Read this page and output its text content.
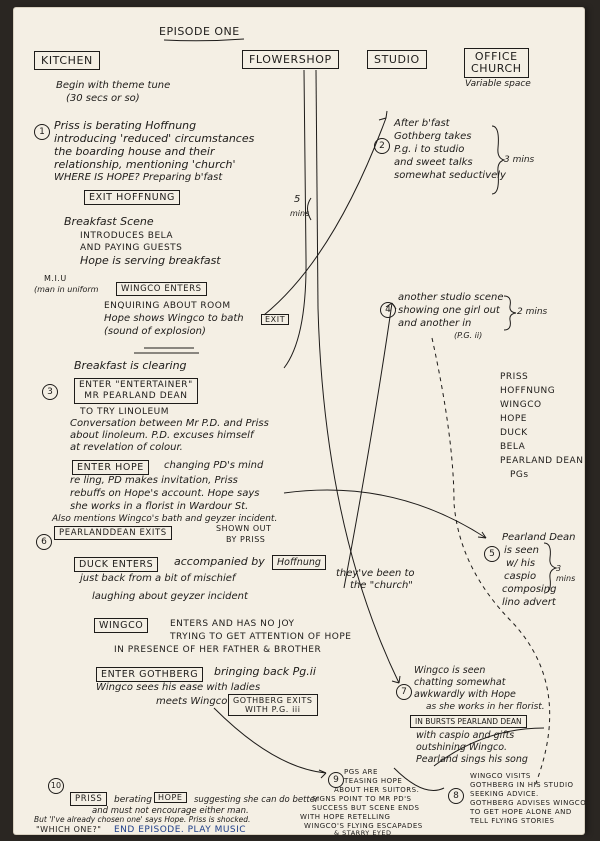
EPISODE ONE
KITCHEN	FLOWERSHOP	STUDIO	OFFICE
CHURCH
Variable space
Begin with theme tune
(30 secs or so)
1 Priss is berating Hoffnung
introducing 'reduced' circumstances
the boarding house and their
relationship, mentioning 'church'
WHERE IS HOPE? Preparing b'fast
EXIT HOFFNUNG
Breakfast Scene
INTRODUCES BELA
AND PAYING GUESTS
Hope is serving breakfast
M.I.U
(man in uniform	WINGCO ENTERS
ENQUIRING ABOUT ROOM
Hope shows Wingco to bath
(sound of explosion)
EXIT
Breakfast is clearing
3
ENTER "ENTERTAINER"
MR PEARLAND DEAN
TO TRY LINOLEUM
Conversation between Mr P.D. and Priss
about linoleum. P.D. excuses himself
at revelation of colour.
ENTER HOPE	changing PD's mind
re ling, PD makes invitation, Priss
rebuffs on Hope's account. Hope says
she works in a florist in Wardour St.
Also mentions Wingco's bath and geyzer incident.
PEARLANDDEAN EXITS	SHOWN OUT
BY PRISS
6
DUCK ENTERS	accompanied by	Hoffnung
just back from a bit of mischief
laughing about geyzer incident
they've been to
the "church"
WINGCO	ENTERS AND HAS NO JOY
TRYING TO GET ATTENTION OF HOPE
IN PRESENCE OF HER FATHER & BROTHER
ENTER GOTHBERG	bringing back Pg.ii
Wingco sees his ease with ladies
meets Wingco GOTHBERG EXITS
WITH P.G. iii
10
PRISS	berating HOPE	suggesting she can do better
and must not encourage either man.
But 'I've already chosen one' says Hope. Priss is shocked.
"WHICH ONE?" END EPISODE. PLAY MUSIC
5
mins
After b'fast
2
Gothberg takes
P.g. i to studio
and sweet talks
somewhat seductively
3 mins
4
another studio scene
showing one girl out
and another in
(P.G. ii)
2 mins
Wingco is seen
7
chatting somewhat
awkwardly with Hope
as she works in her florist.
IN BURSTS PEARLAND DEAN
with caspio and gifts
outshining Wingco.
Pearland sings his song
9
PGS ARE
TEASING HOPE
ABOUT HER SUITORS.
SIGNS POINT TO MR PD'S
SUCCESS BUT SCENE ENDS
WITH HOPE RETELLING
WINGCO'S FLYING ESCAPADES
& STARRY EYED
8
WINGCO VISITS
GOTHBERG IN HIS STUDIO
SEEKING ADVICE.
GOTHBERG ADVISES WINGCO
TO GET HOPE ALONE AND
TELL FLYING STORIES
PRISS
HOFFNUNG
WINGCO
HOPE
DUCK
BELA
PEARLAND DEAN
PGs
5
Pearland Dean
is seen
w/ his
caspio
composing
lino advert
3 mins
